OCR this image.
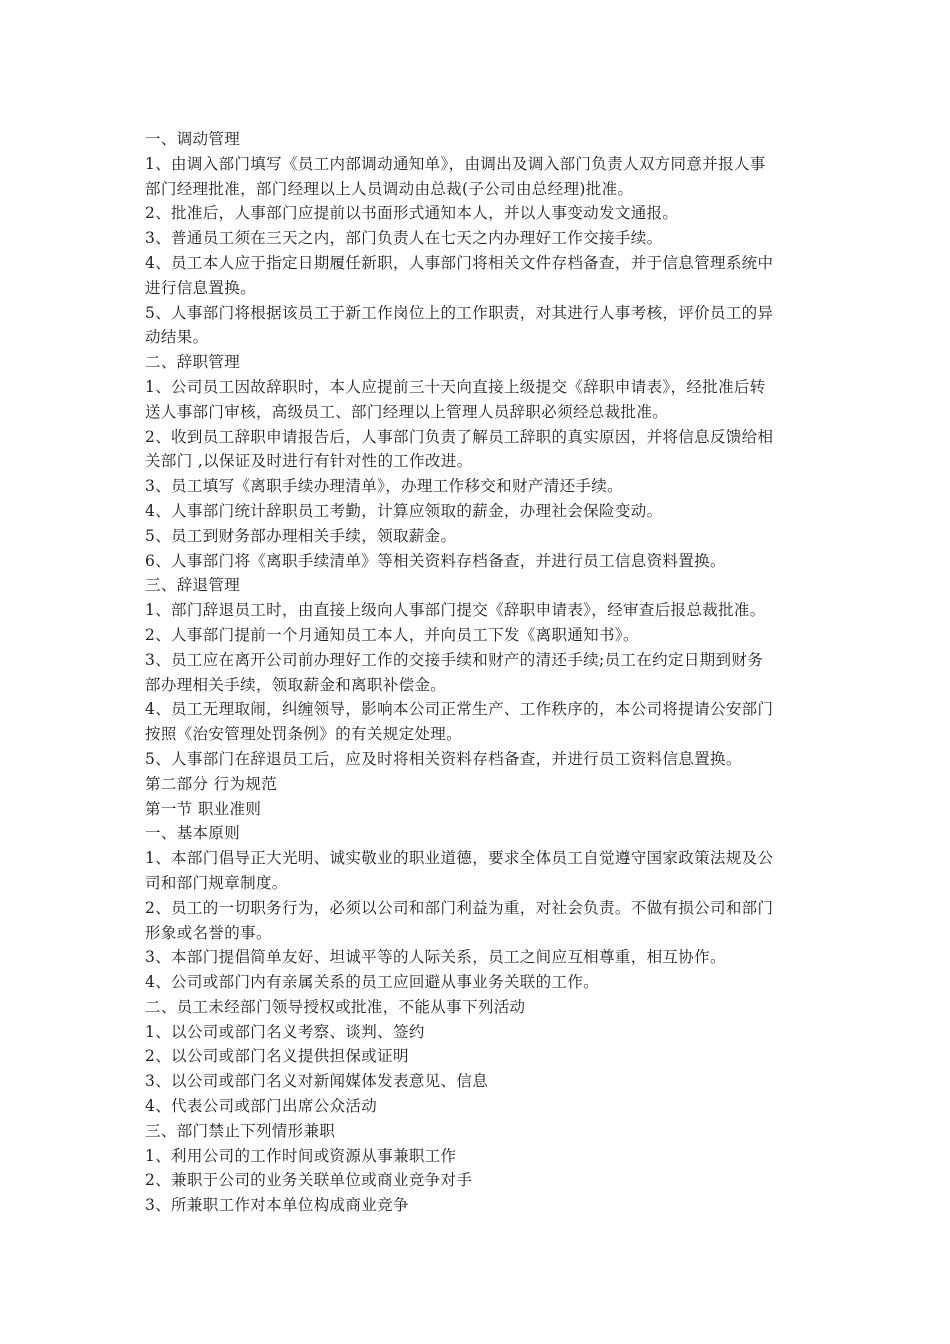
一、调动管理
1、由调入部门填写《员工内部调动通知单》，由调出及调入部门负责人双方同意并报人事
部门经理批准，部门经理以上人员调动由总裁(子公司由总经理)批准。
2、批准后，人事部门应提前以书面形式通知本人，并以人事变动发文通报。
3、普通员工须在三天之内，部门负责人在七天之内办理好工作交接手续。
4、员工本人应于指定日期履任新职，人事部门将相关文件存档备查，并于信息管理系统中
进行信息置换。
5、人事部门将根据该员工于新工作岗位上的工作职责，对其进行人事考核，评价员工的异
动结果。
二、辞职管理
1、公司员工因故辞职时，本人应提前三十天向直接上级提交《辞职申请表》，经批准后转
送人事部门审核，高级员工、部门经理以上管理人员辞职必须经总裁批准。
2、收到员工辞职申请报告后，人事部门负责了解员工辞职的真实原因，并将信息反馈给相
关部门 ,以保证及时进行有针对性的工作改进。
3、员工填写《离职手续办理清单》，办理工作移交和财产清还手续。
4、人事部门统计辞职员工考勤，计算应领取的薪金，办理社会保险变动。
5、员工到财务部办理相关手续，领取薪金。
6、人事部门将《离职手续清单》等相关资料存档备查，并进行员工信息资料置换。
三、辞退管理
1、部门辞退员工时，由直接上级向人事部门提交《辞职申请表》，经审查后报总裁批准。
2、人事部门提前一个月通知员工本人，并向员工下发《离职通知书》。
3、员工应在离开公司前办理好工作的交接手续和财产的清还手续;员工在约定日期到财务
部办理相关手续，领取薪金和离职补偿金。
4、员工无理取闹，纠缠领导，影响本公司正常生产、工作秩序的，本公司将提请公安部门
按照《治安管理处罚条例》的有关规定处理。
5、人事部门在辞退员工后，应及时将相关资料存档备查，并进行员工资料信息置换。
第二部分 行为规范
第一节 职业准则
一、基本原则
1、本部门倡导正大光明、诚实敬业的职业道德，要求全体员工自觉遵守国家政策法规及公
司和部门规章制度。
2、员工的一切职务行为，必须以公司和部门利益为重，对社会负责。不做有损公司和部门
形象或名誉的事。
3、本部门提倡简单友好、坦诚平等的人际关系，员工之间应互相尊重，相互协作。
4、公司或部门内有亲属关系的员工应回避从事业务关联的工作。
二、员工未经部门领导授权或批准，不能从事下列活动
1、以公司或部门名义考察、谈判、签约
2、以公司或部门名义提供担保或证明
3、以公司或部门名义对新闻媒体发表意见、信息
4、代表公司或部门出席公众活动
三、部门禁止下列情形兼职
1、利用公司的工作时间或资源从事兼职工作
2、兼职于公司的业务关联单位或商业竞争对手
3、所兼职工作对本单位构成商业竞争
